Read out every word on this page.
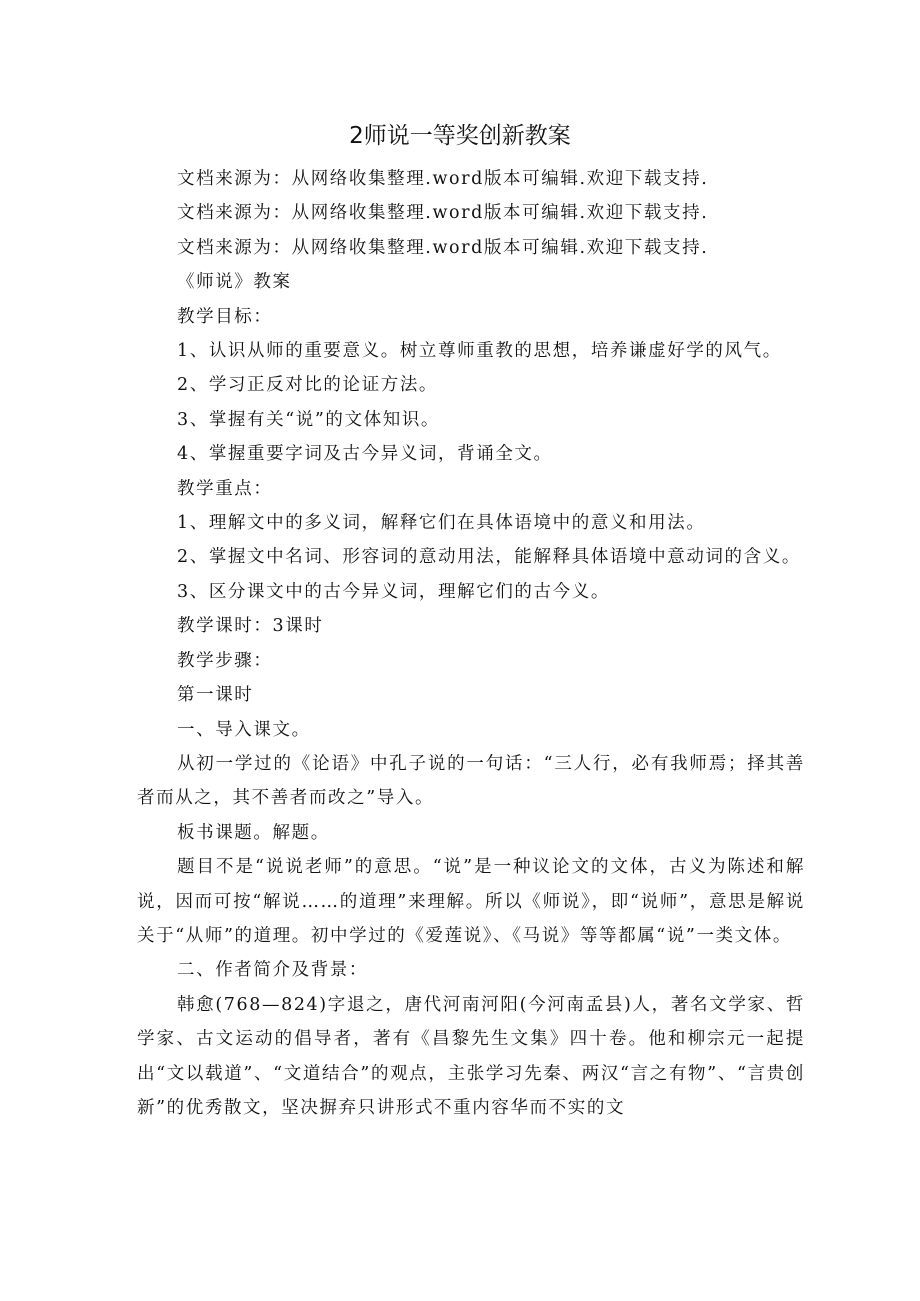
2师说一等奖创新教案

文档来源为：从网络收集整理.word版本可编辑.欢迎下载支持.

文档来源为：从网络收集整理.word版本可编辑.欢迎下载支持.

文档来源为：从网络收集整理.word版本可编辑.欢迎下载支持.

《师说》教案

教学目标：

1、认识从师的重要意义。树立尊师重教的思想，培养谦虚好学的风气。

2、学习正反对比的论证方法。

3、掌握有关“说”的文体知识。

4、掌握重要字词及古今异义词，背诵全文。

教学重点：

1、理解文中的多义词，解释它们在具体语境中的意义和用法。

2、掌握文中名词、形容词的意动用法，能解释具体语境中意动词的含义。

3、区分课文中的古今异义词，理解它们的古今义。

教学课时：3课时

教学步骤：

第一课时

一、导入课文。

从初一学过的《论语》中孔子说的一句话：“三人行，必有我师焉；择其善者而从之，其不善者而改之”导入。

板书课题。解题。

题目不是“说说老师”的意思。“说”是一种议论文的文体，古义为陈述和解说，因而可按“解说……的道理”来理解。所以《师说》，即“说师”，意思是解说关于“从师”的道理。初中学过的《爱莲说》、《马说》等等都属“说”一类文体。

二、作者简介及背景：

韩愈(768—824)字退之，唐代河南河阳(今河南孟县)人，著名文学家、哲学家、古文运动的倡导者，著有《昌黎先生文集》四十卷。他和柳宗元一起提出“文以载道”、“文道结合”的观点，主张学习先秦、两汉“言之有物”、“言贵创新”的优秀散文，坚决摒弃只讲形式不重内容华而不实的文
